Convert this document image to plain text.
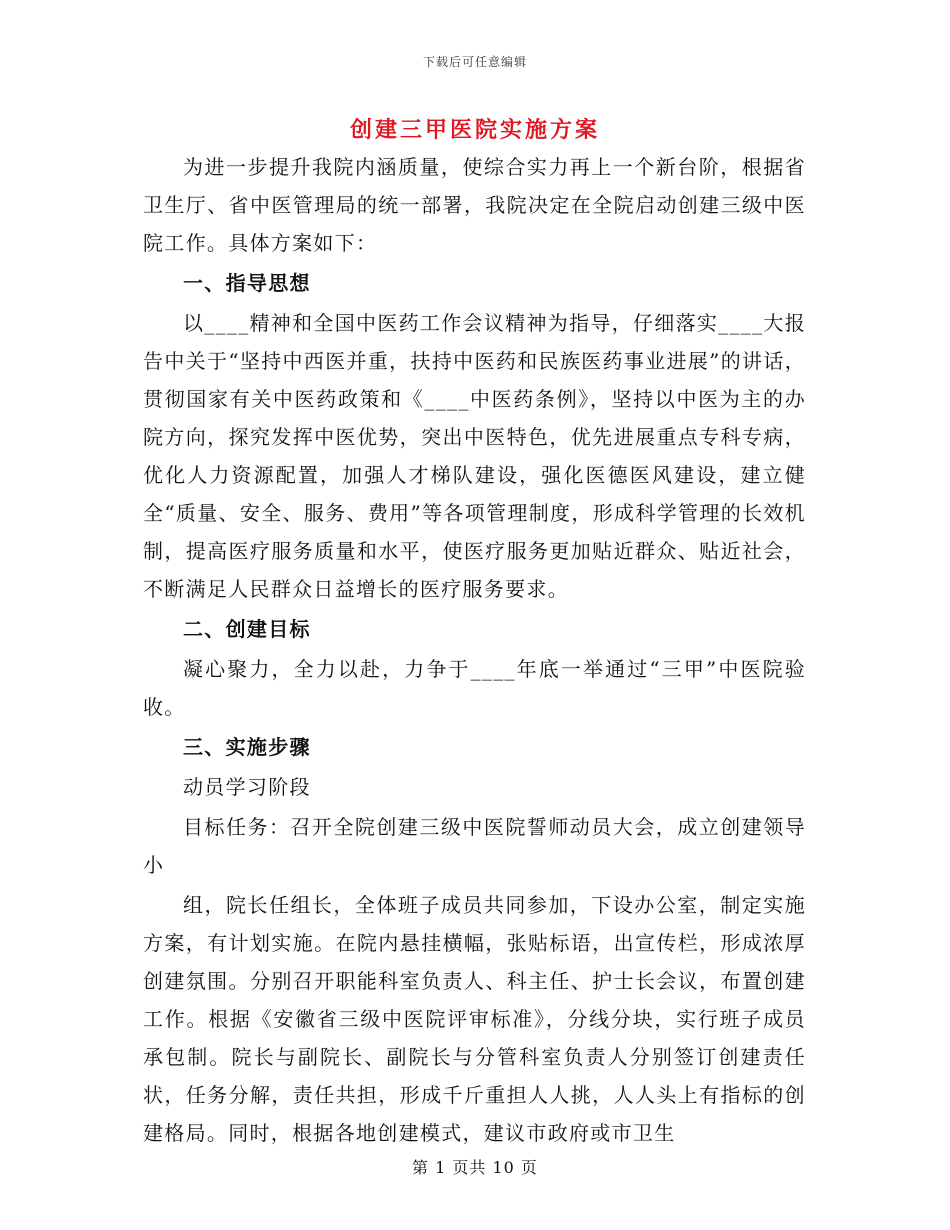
下载后可任意编辑
创建三甲医院实施方案

为进一步提升我院内涵质量，使综合实力再上一个新台阶，根据省卫生厅、省中医管理局的统一部署，我院决定在全院启动创建三级中医院工作。具体方案如下：

一、指导思想

以____精神和全国中医药工作会议精神为指导，仔细落实____大报告中关于“坚持中西医并重，扶持中医药和民族医药事业进展”的讲话，贯彻国家有关中医药政策和《____中医药条例》，坚持以中医为主的办院方向，探究发挥中医优势，突出中医特色，优先进展重点专科专病，优化人力资源配置，加强人才梯队建设，强化医德医风建设，建立健全“质量、安全、服务、费用”等各项管理制度，形成科学管理的长效机制，提高医疗服务质量和水平，使医疗服务更加贴近群众、贴近社会，不断满足人民群众日益增长的医疗服务要求。

二、创建目标

凝心聚力，全力以赴，力争于____年底一举通过“三甲”中医院验收。

三、实施步骤

动员学习阶段

目标任务：召开全院创建三级中医院誓师动员大会，成立创建领导小

组，院长任组长，全体班子成员共同参加，下设办公室，制定实施方案，有计划实施。在院内悬挂横幅，张贴标语，出宣传栏，形成浓厚创建氛围。分别召开职能科室负责人、科主任、护士长会议，布置创建工作。根据《安徽省三级中医院评审标准》，分线分块，实行班子成员承包制。院长与副院长、副院长与分管科室负责人分别签订创建责任状，任务分解，责任共担，形成千斤重担人人挑，人人头上有指标的创建格局。同时，根据各地创建模式，建议市政府或市卫生

第 1 页共 10 页
